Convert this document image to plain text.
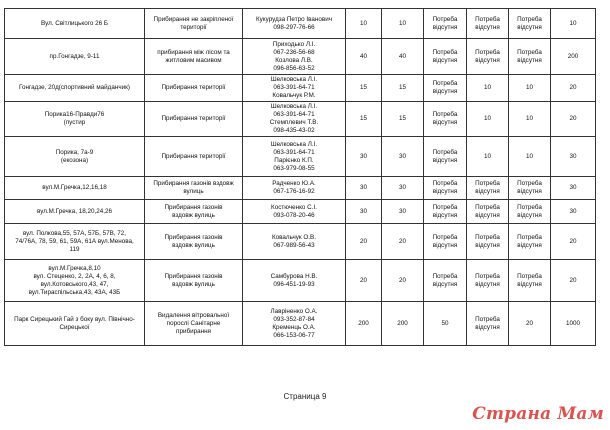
Вул. Світлицького 26 Б	Прибирання не закріпленої
території	Кукурудза Петро Іванович
098-297-76-66	10	10	Потреба
відсутня	Потреба
відсутня	Потреба
відсутня	10

пр.Гонгадзе, 9-11	прибирання між лісом та
житловим масивом	Приходько Л.І.
067-236-56-68
Козлова Л.В.
096-856-63-52	40	40	Потреба
відсутня	Потреба
відсутня	Потреба
відсутня	200

Гонгадзе, 20д(спортивний майданчик)	Прибирання території	Шелковська Л.І.
063-391-64-71
Ковальчук Р.М.	15	15	Потреба
відсутня	10	10	20

Порика16-Правди76
(пустир	Прибирання території	Шелковська Л.І.
063-391-64-71
Стемплевич Т.В.
098-435-43-02	15	15	Потреба
відсутня	10	10	20

Порика, 7а-9
(екозона)	Прибирання території	Шелковська Л.І.
063-391-64-71
Парієнко К.П.
063-979-08-55	30	30	Потреба
відсутня	10	10	30

вул.М.Гречка,12,16,18	Прибирання газонів вздовж
вулиць	Радченко Ю.А.
067-176-16-92	30	30	Потреба
відсутня	Потреба
відсутня	Потреба
відсутня	30

вул.М.Гречка, 18,20,24,26	Прибирання газонів
вздовж вулиць	Костюченко С.І.
093-078-20-46	30	30	Потреба
відсутня	Потреба
відсутня	Потреба
відсутня	30

вул. Полкова,55, 57А, 57Б, 57В, 72,
74/76А, 78, 59, 61, 59А, 61А вул.Менова,
119	Прибирання газонів
вздовж вулиць	Ковальчук О.В.
067-989-56-43	20	20	Потреба
відсутня	Потреба
відсутня	Потреба
відсутня	20

вул.М.Гречка,8,10
вул. Стеценко, 2, 2А, 4, 6, 8,
вул.Котовського,43, 47,
вул.Тираспільська,43, 43А, 43Б	Прибирання газонів
вздовж вулиць	Самбурова Н.В.
096-451-19-93	20	20	Потреба
відсутня	Потреба
відсутня	Потреба
відсутня	20

Парк Сирецький Гай з боку вул. Північно-
Сирецької	Видалення вітровальної
порослі Санітарне
прибирання	Лавріненко О.А.
093-352-87-84
Кременць О.А.
066-153-06-77	200	200	50	Потреба
відсутня	20	1000
Страница 9
Страна Мам
